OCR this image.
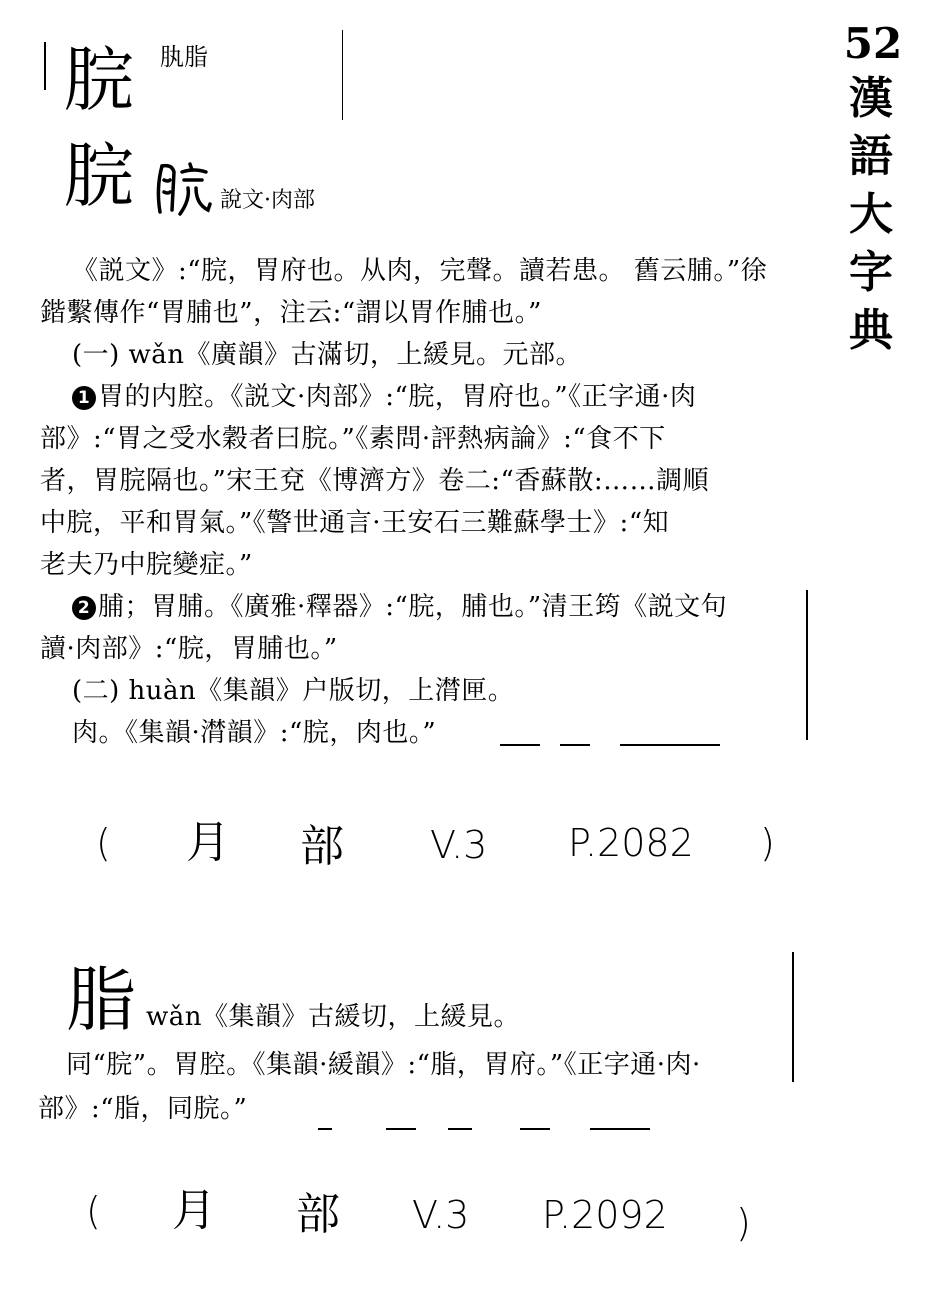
52
漢
語
大
字
典
脘 肒脂
脘	說文·肉部
《説文》:“脘，胃府也。从肉，完聲。讀若患。 舊云脯。”徐
鍇繫傳作“胃脯也”，注云:“謂以胃作脯也。”
(一) wǎn《廣韻》古滿切，上緩見。元部。
1 胃的内腔。《説文·肉部》:“脘，胃府也。”《正字通·肉
部》:“胃之受水穀者曰脘。”《素問·評熱病論》:“食不下
者，胃脘隔也。”宋王兗《博濟方》卷二:“香蘇散:……調順
中脘，平和胃氣。”《警世通言·王安石三難蘇學士》:“知
老夫乃中脘變症。”
2 脯；胃脯。《廣雅·釋器》:“脘，脯也。”清王筠《説文句
讀·肉部》:“脘，胃脯也。”
(二) huàn《集韻》户版切，上潸匣。
肉。《集韻·潸韻》:“脘，肉也。”
( 月 部 V.3 P.2082 )
脂 wǎn《集韻》古緩切，上緩見。
同“脘”。胃腔。《集韻·緩韻》:“脂，胃府。”《正字通·肉·
部》:“脂，同脘。”
( 月 部 V.3 P.2092 )
